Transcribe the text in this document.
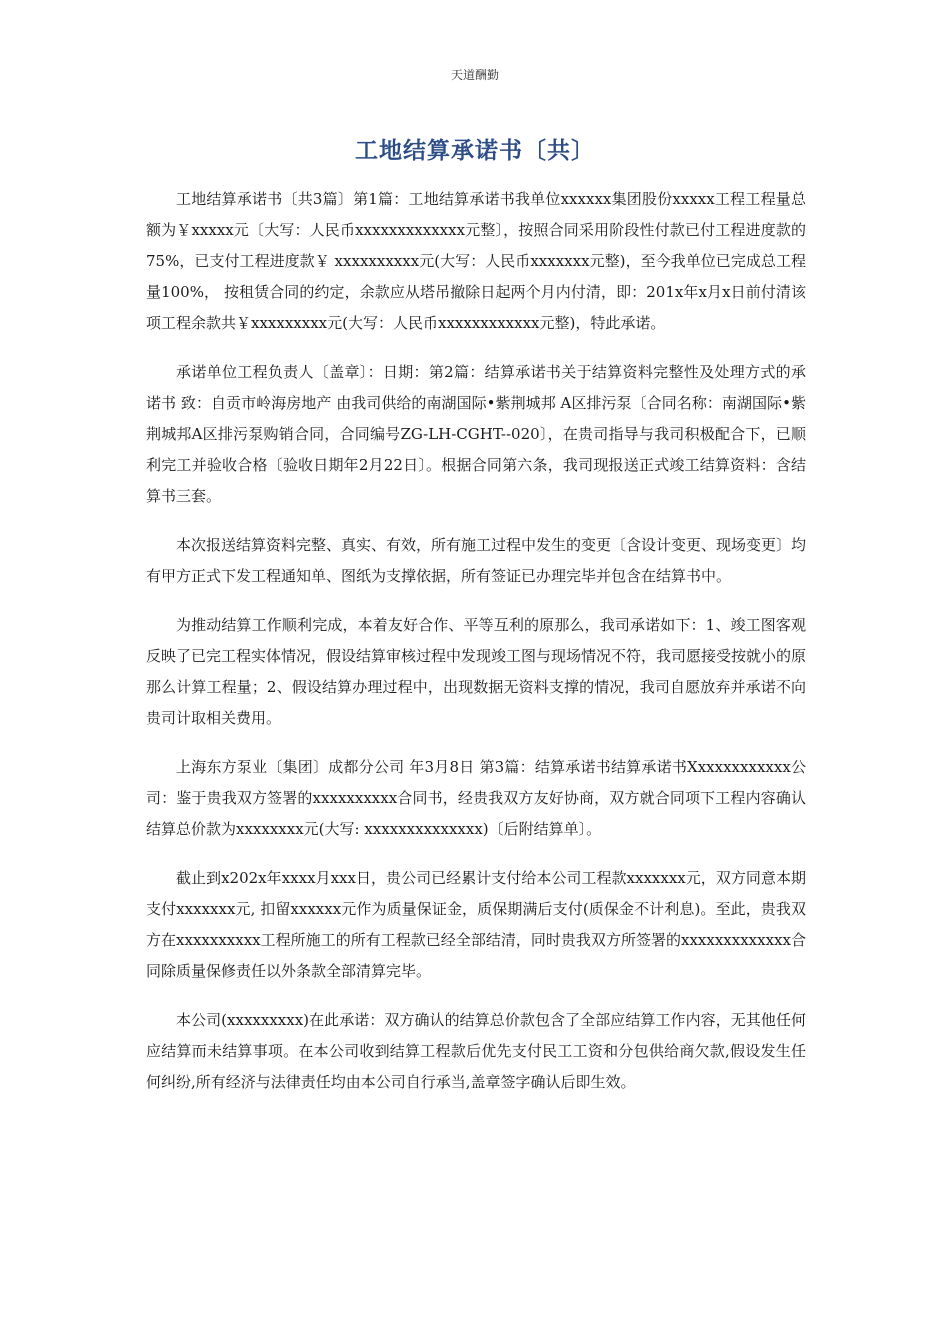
天道酬勤
工地结算承诺书〔共〕

工地结算承诺书〔共3篇〕第1篇：工地结算承诺书我单位xxxxxx集团股份xxxxx工程工程量总额为￥xxxxx元〔大写：人民币xxxxxxxxxxxxx元整〕，按照合同采用阶段性付款已付工程进度款的75%，已支付工程进度款￥ xxxxxxxxxx元(大写：人民币xxxxxxx元整)，至今我单位已完成总工程量100%， 按租赁合同的约定，余款应从塔吊撤除日起两个月内付清，即：201x年x月x日前付清该项工程余款共￥xxxxxxxxx元(大写：人民币xxxxxxxxxxxx元整)，特此承诺。

承诺单位工程负责人〔盖章〕：日期：第2篇：结算承诺书关于结算资料完整性及处理方式的承诺书 致：自贡市岭海房地产 由我司供给的南湖国际•紫荆城邦 A区排污泵〔合同名称：南湖国际•紫荆城邦A区排污泵购销合同，合同编号ZG-LH-CGHT--020〕，在贵司指导与我司积极配合下，已顺利完工并验收合格〔验收日期年2月22日〕。根据合同第六条，我司现报送正式竣工结算资料：含结算书三套。

本次报送结算资料完整、真实、有效，所有施工过程中发生的变更〔含设计变更、现场变更〕均有甲方正式下发工程通知单、图纸为支撑依据，所有签证已办理完毕并包含在结算书中。

为推动结算工作顺利完成，本着友好合作、平等互利的原那么，我司承诺如下：1、竣工图客观反映了已完工程实体情况，假设结算审核过程中发现竣工图与现场情况不符，我司愿接受按就小的原那么计算工程量；2、假设结算办理过程中，出现数据无资料支撑的情况，我司自愿放弃并承诺不向贵司计取相关费用。

上海东方泵业〔集团〕成都分公司 年3月8日 第3篇：结算承诺书结算承诺书Xxxxxxxxxxxx公司：鉴于贵我双方签署的xxxxxxxxxx合同书，经贵我双方友好协商，双方就合同项下工程内容确认结算总价款为xxxxxxxx元(大写: xxxxxxxxxxxxxx)〔后附结算单〕。

截止到x202x年xxxx月xxx日，贵公司已经累计支付给本公司工程款xxxxxxx元，双方同意本期支付xxxxxxx元, 扣留xxxxxx元作为质量保证金，质保期满后支付(质保金不计利息)。至此，贵我双方在xxxxxxxxxx工程所施工的所有工程款已经全部结清，同时贵我双方所签署的xxxxxxxxxxxxx合同除质量保修责任以外条款全部清算完毕。

本公司(xxxxxxxxx)在此承诺：双方确认的结算总价款包含了全部应结算工作内容，无其他任何应结算而未结算事项。在本公司收到结算工程款后优先支付民工工资和分包供给商欠款,假设发生任何纠纷,所有经济与法律责任均由本公司自行承当,盖章签字确认后即生效。
